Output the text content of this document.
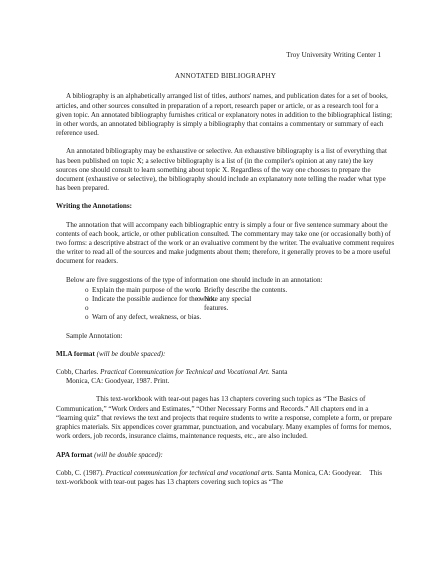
Troy University Writing Center 1
ANNOTATED BIBLIOGRAPHY

A bibliography is an alphabetically arranged list of titles, authors' names, and publication dates for a set of books, articles, and other sources consulted in preparation of a report, research paper or article, or as a research tool for a given topic. An annotated bibliography furnishes critical or explanatory notes in addition to the bibliographical listing; in other words, an annotated bibliography is simply a bibliography that contains a commentary or summary of each reference used.

An annotated bibliography may be exhaustive or selective. An exhaustive bibliography is a list of everything that has been published on topic X; a selective bibliography is a list of (in the compiler's opinion at any rate) the key sources one should consult to learn something about topic X. Regardless of the way one chooses to prepare the document (exhaustive or selective), the bibliography should include an explanatory note telling the reader what type has been prepared.

Writing the Annotations:

The annotation that will accompany each bibliographic entry is simply a four or five sentence summary about the contents of each book, article, or other publication consulted. The commentary may take one (or occasionally both) of two forms: a descriptive abstract of the work or an evaluative comment by the writer. The evaluative comment requires the writer to read all of the sources and make judgments about them; therefore, it generally proves to be a more useful document for readers.

Below are five suggestions of the type of information one should include in an annotation:

o Explain the main purpose of the work.
o Briefly describe the contents.
o Indicate the possible audience for the work.
o Note any special
o features.
o Warn of any defect, weakness, or bias.

Sample Annotation:

MLA format (will be double spaced):

Cobb, Charles. Practical Communication for Technical and Vocational Art. Santa
Monica, CA: Goodyear, 1987. Print.

This text-workbook with tear-out pages has 13 chapters covering such topics as “The Basics of Communication,” “Work Orders and Estimates,” “Other Necessary Forms and Records.” All chapters end in a “learning quiz” that reviews the text and projects that require students to write a response, complete a form, or prepare graphics materials. Six appendices cover grammar, punctuation, and vocabulary. Many examples of forms for memos, work orders, job records, insurance claims, maintenance requests, etc., are also included.

APA format (will be double spaced):

Cobb, C. (1987). Practical communication for technical and vocational arts. Santa Monica, CA: Goodyear. This text-workbook with tear-out pages has 13 chapters covering such topics as “The
